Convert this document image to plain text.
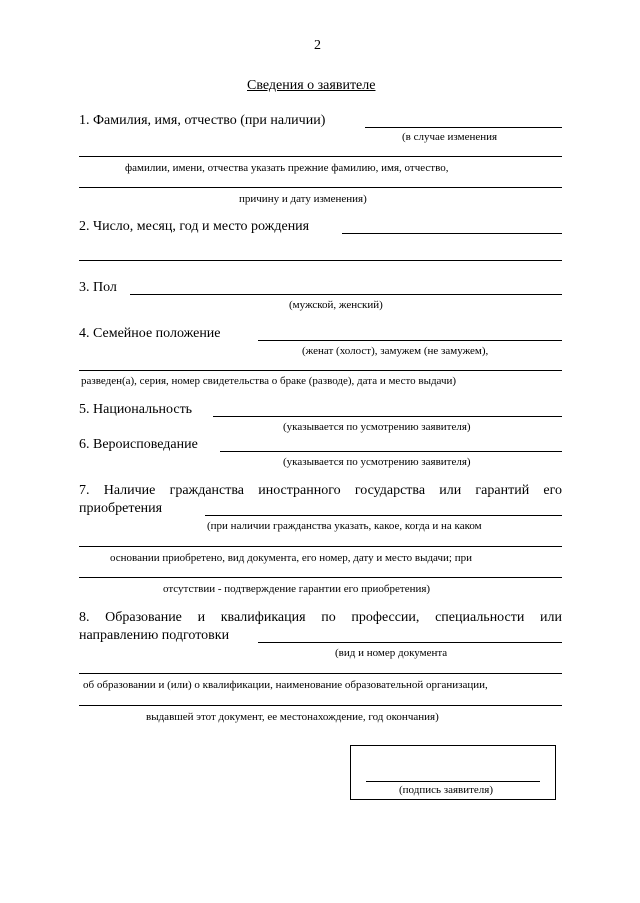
2
Сведения о заявителе
1. Фамилия, имя, отчество (при наличии)
(в случае изменения
фамилии, имени, отчества указать прежние фамилию, имя, отчество,
причину и дату изменения)
2. Число, месяц, год и место рождения
3. Пол
(мужской, женский)
4. Семейное положение
(женат (холост), замужем (не замужем),
разведен(а), серия, номер свидетельства о браке (разводе), дата и место выдачи)
5. Национальность
(указывается по усмотрению заявителя)
6. Вероисповедание
(указывается по усмотрению заявителя)
7. Наличие гражданства иностранного государства или гарантий его
приобретения
(при наличии гражданства указать, какое, когда и на каком
основании приобретено, вид документа, его номер, дату и место выдачи; при
отсутствии - подтверждение гарантии его приобретения)
8. Образование и квалификация по профессии, специальности или
направлению подготовки
(вид и номер документа
об образовании и (или) о квалификации, наименование образовательной организации,
выдавшей этот документ, ее местонахождение, год окончания)
(подпись заявителя)
